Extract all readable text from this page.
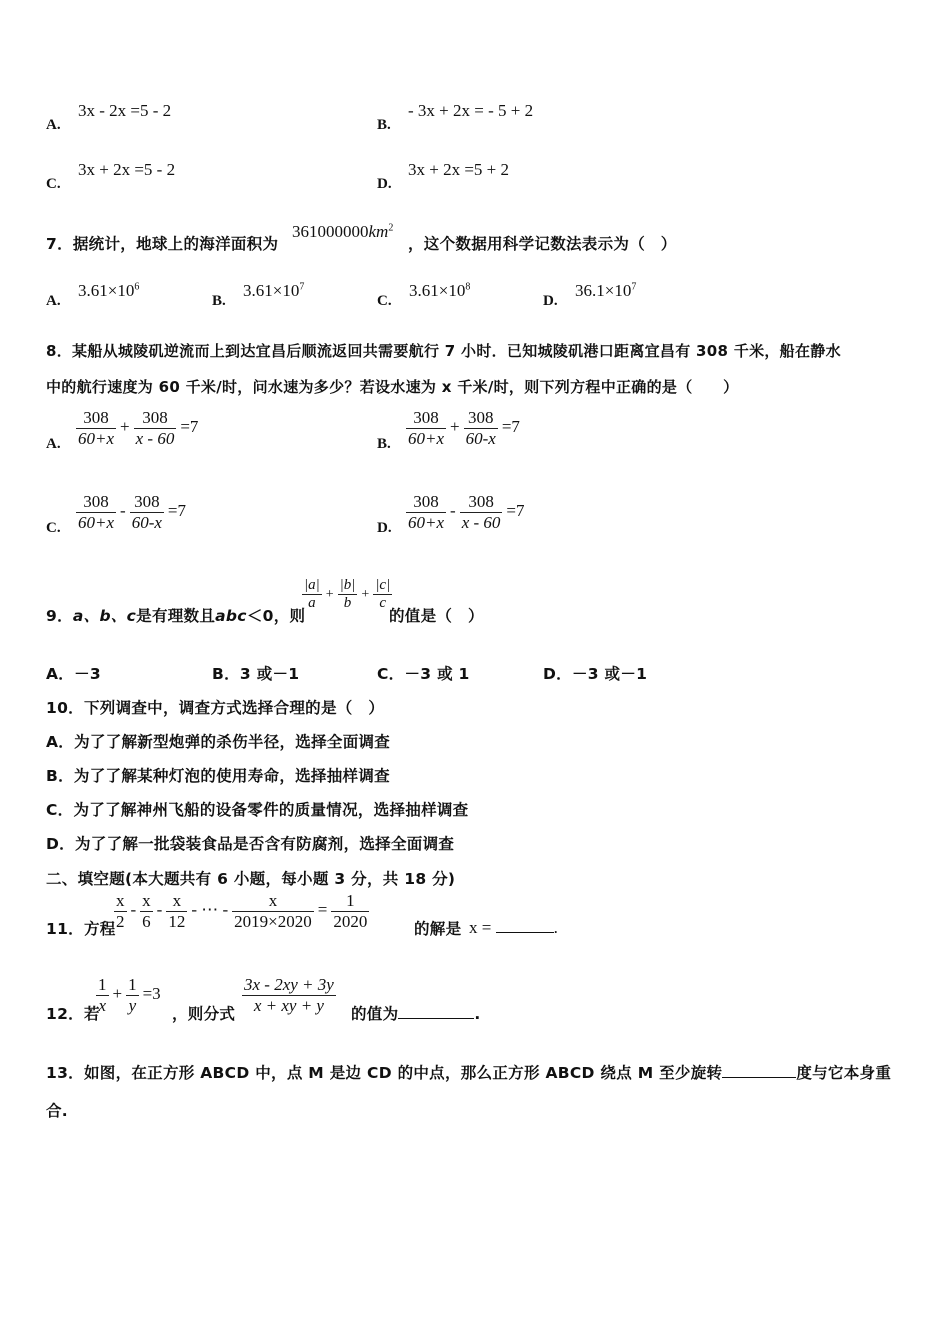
A.
3x - 2x =5 - 2
B.
- 3x + 2x = - 5 + 2
C.
3x + 2x =5 - 2
D.
3x + 2x =5 + 2
7．据统计，地球上的海洋面积为
$361000000km^2$
，这个数据用科学记数法表示为（　）
A.
$3.61\times 10^6$
B.
$3.61\times 10^7$
C.
$3.61\times 10^8$
D.
$36.1\times 10^7$
8．某船从城陵矶逆流而上到达宜昌后顺流返回共需要航行 7 小时．已知城陵矶港口距离宜昌有 308 千米，船在静水
中的航行速度为 60 千米/时，问水速为多少？若设水速为 x 千米/时，则下列方程中正确的是（　　）
A. $\frac{308}{60+x} + \frac{308}{x - 60} =7$
B. $\frac{308}{60+x} + \frac{308}{60-x} =7$
C. $\frac{308}{60+x} - \frac{308}{60-x} =7$
D. $\frac{308}{60+x} - \frac{308}{x - 60} =7$
9．a、b、c是有理数且abc＜0，则
$\frac{|a|}{a} + \frac{|b|}{b} + \frac{|c|}{c}$
的值是（　）
A．－3	B．3 或－1	C．－3 或 1	D．－3 或－1
10．下列调查中，调查方式选择合理的是（　）
A．为了了解新型炮弹的杀伤半径，选择全面调查
B．为了了解某种灯泡的使用寿命，选择抽样调查
C．为了了解神州飞船的设备零件的质量情况，选择抽样调查
D．为了了解一批袋装食品是否含有防腐剂，选择全面调查
二、填空题(本大题共有 6 小题，每小题 3 分，共 18 分)
11．方程
$\frac{x}{2} - \frac{x}{6} - \frac{x}{12}$ - ⋯ - $\frac{x}{2019\times 2020} = \frac{1}{2020}$	的解是 x =	.
12．若
$\frac{1}{x} + \frac{1}{y} =3$
，则分式 $\frac{3x - 2xy + 3y}{x + xy + y}$ 的值为	.
13．如图，在正方形 ABCD 中，点 M 是边 CD 的中点，那么正方形 ABCD 绕点 M 至少旋转	度与它本身重
合.
